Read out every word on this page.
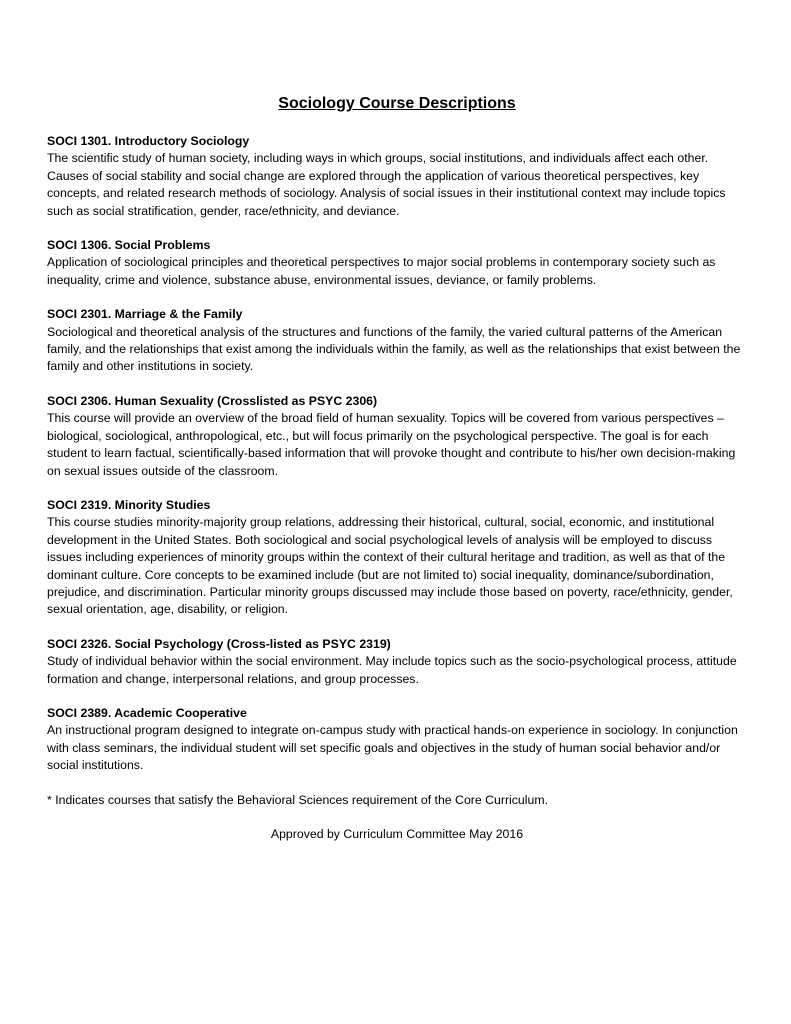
Sociology Course Descriptions

SOCI 1301. Introductory Sociology

The scientific study of human society, including ways in which groups, social institutions, and individuals affect each other. Causes of social stability and social change are explored through the application of various theoretical perspectives, key concepts, and related research methods of sociology. Analysis of social issues in their institutional context may include topics such as social stratification, gender, race/ethnicity, and deviance.

SOCI 1306. Social Problems

Application of sociological principles and theoretical perspectives to major social problems in contemporary society such as inequality, crime and violence, substance abuse, environmental issues, deviance, or family problems.

SOCI 2301. Marriage & the Family

Sociological and theoretical analysis of the structures and functions of the family, the varied cultural patterns of the American family, and the relationships that exist among the individuals within the family, as well as the relationships that exist between the family and other institutions in society.

SOCI 2306. Human Sexuality (Crosslisted as PSYC 2306)

This course will provide an overview of the broad field of human sexuality. Topics will be covered from various perspectives – biological, sociological, anthropological, etc., but will focus primarily on the psychological perspective. The goal is for each student to learn factual, scientifically-based information that will provoke thought and contribute to his/her own decision-making on sexual issues outside of the classroom.

SOCI 2319. Minority Studies

This course studies minority-majority group relations, addressing their historical, cultural, social, economic, and institutional development in the United States. Both sociological and social psychological levels of analysis will be employed to discuss issues including experiences of minority groups within the context of their cultural heritage and tradition, as well as that of the dominant culture. Core concepts to be examined include (but are not limited to) social inequality, dominance/subordination, prejudice, and discrimination. Particular minority groups discussed may include those based on poverty, race/ethnicity, gender, sexual orientation, age, disability, or religion.

SOCI 2326. Social Psychology (Cross-listed as PSYC 2319)

Study of individual behavior within the social environment. May include topics such as the socio-psychological process, attitude formation and change, interpersonal relations, and group processes.

SOCI 2389. Academic Cooperative

An instructional program designed to integrate on-campus study with practical hands-on experience in sociology. In conjunction with class seminars, the individual student will set specific goals and objectives in the study of human social behavior and/or social institutions.

* Indicates courses that satisfy the Behavioral Sciences requirement of the Core Curriculum.

Approved by Curriculum Committee May 2016
